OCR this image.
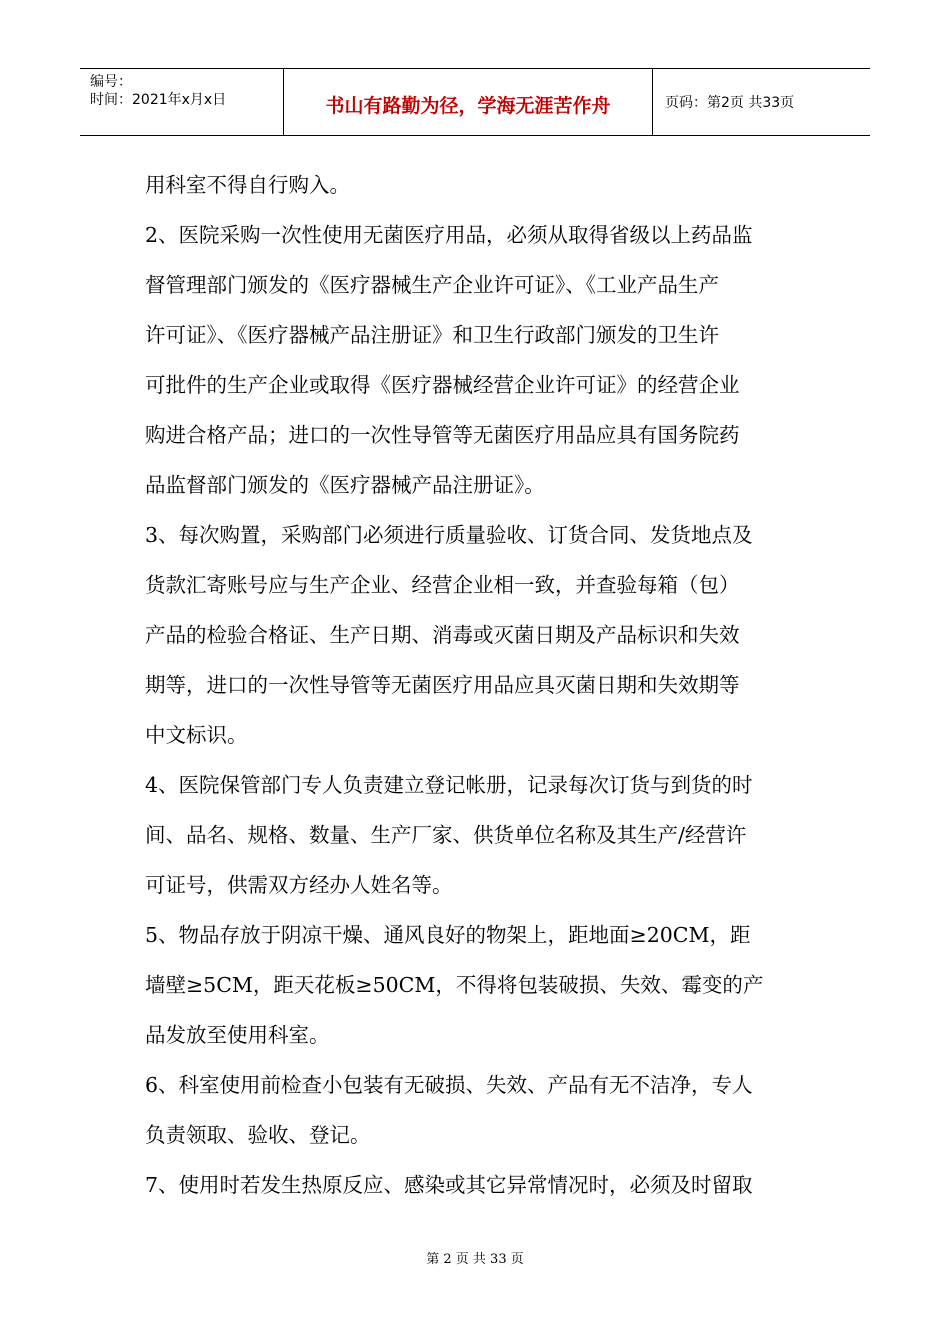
编号：
时间：2021年x月x日	书山有路勤为径，学海无涯苦作舟	页码：第2页 共33页
用科室不得自行购入。
2、医院采购一次性使用无菌医疗用品，必须从取得省级以上药品监
督管理部门颁发的《医疗器械生产企业许可证》、《工业产品生产
许可证》、《医疗器械产品注册证》和卫生行政部门颁发的卫生许
可批件的生产企业或取得《医疗器械经营企业许可证》的经营企业
购进合格产品；进口的一次性导管等无菌医疗用品应具有国务院药
品监督部门颁发的《医疗器械产品注册证》。
3、每次购置，采购部门必须进行质量验收、订货合同、发货地点及
货款汇寄账号应与生产企业、经营企业相一致，并查验每箱（包）
产品的检验合格证、生产日期、消毒或灭菌日期及产品标识和失效
期等，进口的一次性导管等无菌医疗用品应具灭菌日期和失效期等
中文标识。
4、医院保管部门专人负责建立登记帐册，记录每次订货与到货的时
间、品名、规格、数量、生产厂家、供货单位名称及其生产/经营许
可证号，供需双方经办人姓名等。
5、物品存放于阴凉干燥、通风良好的物架上，距地面≥20CM，距
墙壁≥5CM，距天花板≥50CM，不得将包装破损、失效、霉变的产
品发放至使用科室。
6、科室使用前检查小包装有无破损、失效、产品有无不洁净，专人
负责领取、验收、登记。
7、使用时若发生热原反应、感染或其它异常情况时，必须及时留取
第 2 页 共 33 页
